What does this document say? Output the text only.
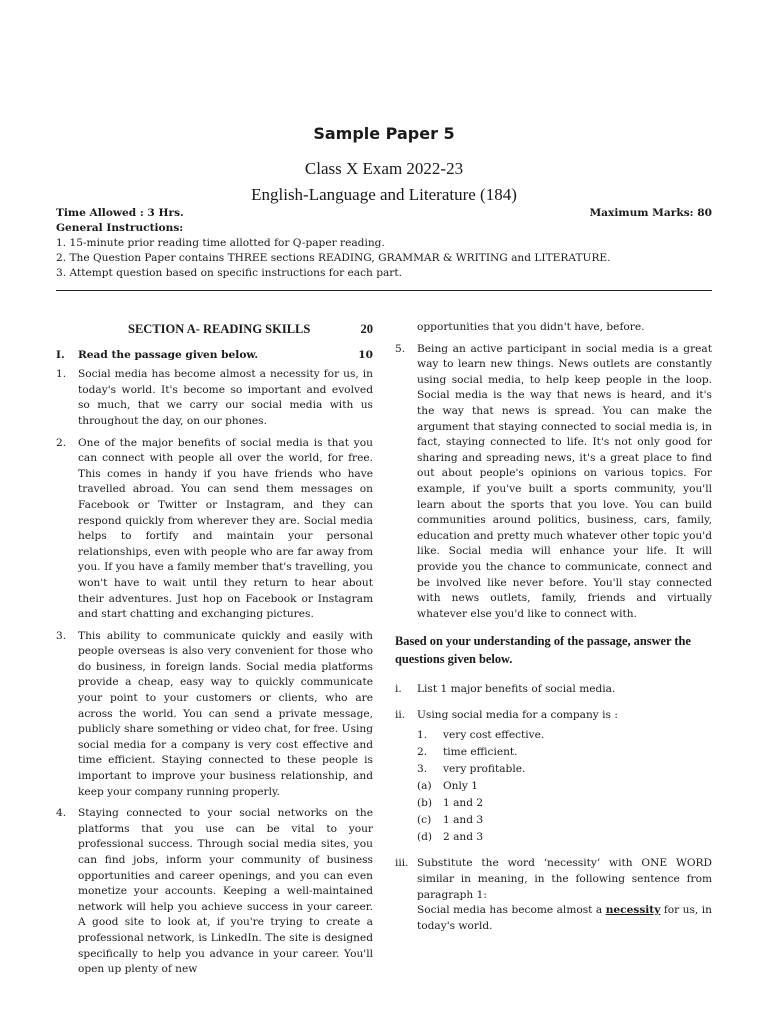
Sample Paper 5
Class X Exam 2022-23
English-Language and Literature (184)
Time Allowed : 3 Hrs.	Maximum Marks: 80
General Instructions:
1. 15-minute prior reading time allotted for Q-paper reading.
2. The Question Paper contains THREE sections READING, GRAMMAR & WRITING and LITERATURE.
3. Attempt question based on specific instructions for each part.
SECTION A- READING SKILLS	20
I.	Read the passage given below.	10
1.	Social media has become almost a necessity for us, in today's world. It's become so important and evolved so much, that we carry our social media with us throughout the day, on our phones.
2.	One of the major benefits of social media is that you can connect with people all over the world, for free. This comes in handy if you have friends who have travelled abroad. You can send them messages on Facebook or Twitter or Instagram, and they can respond quickly from wherever they are. Social media helps to fortify and maintain your personal relationships, even with people who are far away from you. If you have a family member that's travelling, you won't have to wait until they return to hear about their adventures. Just hop on Facebook or Instagram and start chatting and exchanging pictures.
3.	This ability to communicate quickly and easily with people overseas is also very convenient for those who do business, in foreign lands. Social media platforms provide a cheap, easy way to quickly communicate your point to your customers or clients, who are across the world. You can send a private message, publicly share something or video chat, for free. Using social media for a company is very cost effective and time efficient. Staying connected to these people is important to improve your business relationship, and keep your company running properly.
4.	Staying connected to your social networks on the platforms that you use can be vital to your professional success. Through social media sites, you can find jobs, inform your community of business opportunities and career openings, and you can even monetize your accounts. Keeping a well-maintained network will help you achieve success in your career. A good site to look at, if you're trying to create a professional network, is LinkedIn. The site is designed specifically to help you advance in your career. You'll open up plenty of new
opportunities that you didn't have, before.
5.	Being an active participant in social media is a great way to learn new things. News outlets are constantly using social media, to help keep people in the loop. Social media is the way that news is heard, and it's the way that news is spread. You can make the argument that staying connected to social media is, in fact, staying connected to life. It's not only good for sharing and spreading news, it's a great place to find out about people's opinions on various topics. For example, if you've built a sports community, you'll learn about the sports that you love. You can build communities around politics, business, cars, family, education and pretty much whatever other topic you'd like. Social media will enhance your life. It will provide you the chance to communicate, connect and be involved like never before. You'll stay connected with news outlets, family, friends and virtually whatever else you'd like to connect with.
Based on your understanding of the passage, answer the questions given below.
i.	List 1 major benefits of social media.
ii.	Using social media for a company is :
1.	very cost effective.
2.	time efficient.
3.	very profitable.
(a)	Only 1
(b)	1 and 2
(c)	1 and 3
(d)	2 and 3
iii. Substitute the word ‘necessity’ with ONE WORD similar in meaning, in the following sentence from paragraph 1:
Social media has become almost a necessity for us, in today's world.
